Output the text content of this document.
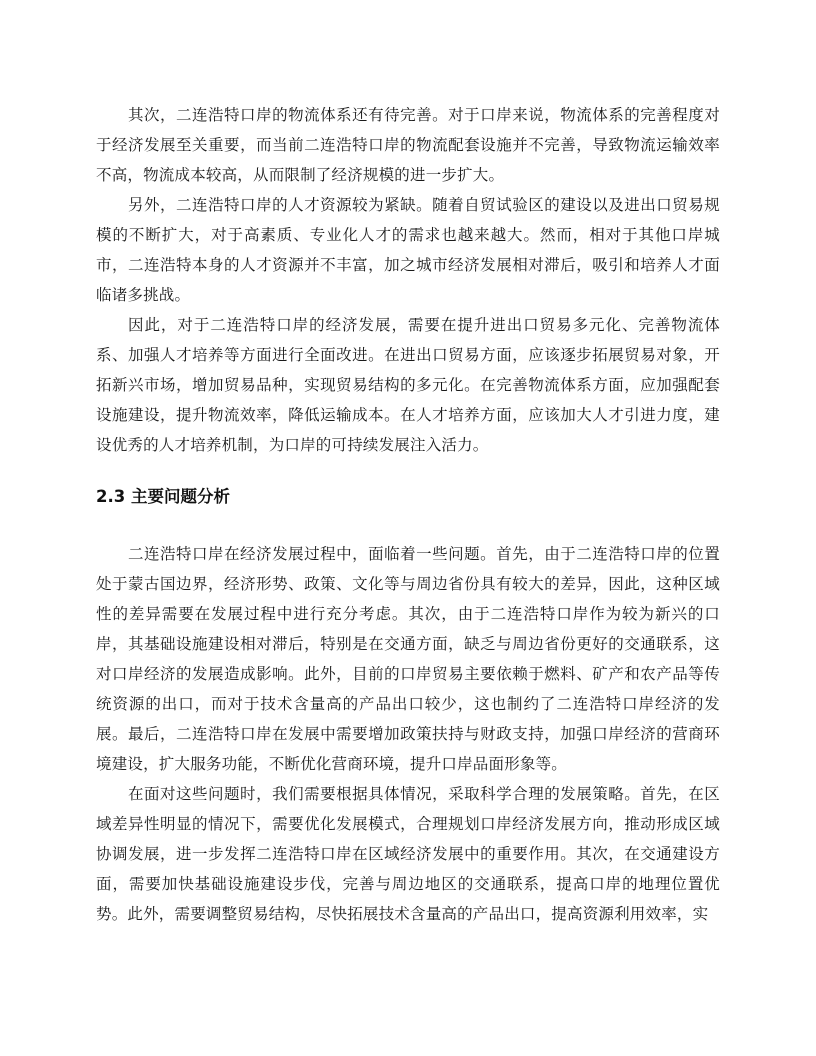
其次，二连浩特口岸的物流体系还有待完善。对于口岸来说，物流体系的完善程度对于经济发展至关重要，而当前二连浩特口岸的物流配套设施并不完善，导致物流运输效率不高，物流成本较高，从而限制了经济规模的进一步扩大。

另外，二连浩特口岸的人才资源较为紧缺。随着自贸试验区的建设以及进出口贸易规模的不断扩大，对于高素质、专业化人才的需求也越来越大。然而，相对于其他口岸城市，二连浩特本身的人才资源并不丰富，加之城市经济发展相对滞后，吸引和培养人才面临诸多挑战。

因此，对于二连浩特口岸的经济发展，需要在提升进出口贸易多元化、完善物流体系、加强人才培养等方面进行全面改进。在进出口贸易方面，应该逐步拓展贸易对象，开拓新兴市场，增加贸易品种，实现贸易结构的多元化。在完善物流体系方面，应加强配套设施建设，提升物流效率，降低运输成本。在人才培养方面，应该加大人才引进力度，建设优秀的人才培养机制，为口岸的可持续发展注入活力。

2.3 主要问题分析

二连浩特口岸在经济发展过程中，面临着一些问题。首先，由于二连浩特口岸的位置处于蒙古国边界，经济形势、政策、文化等与周边省份具有较大的差异，因此，这种区域性的差异需要在发展过程中进行充分考虑。其次，由于二连浩特口岸作为较为新兴的口岸，其基础设施建设相对滞后，特别是在交通方面，缺乏与周边省份更好的交通联系，这对口岸经济的发展造成影响。此外，目前的口岸贸易主要依赖于燃料、矿产和农产品等传统资源的出口，而对于技术含量高的产品出口较少，这也制约了二连浩特口岸经济的发展。最后，二连浩特口岸在发展中需要增加政策扶持与财政支持，加强口岸经济的营商环境建设，扩大服务功能，不断优化营商环境，提升口岸品面形象等。

在面对这些问题时，我们需要根据具体情况，采取科学合理的发展策略。首先，在区域差异性明显的情况下，需要优化发展模式，合理规划口岸经济发展方向，推动形成区域协调发展，进一步发挥二连浩特口岸在区域经济发展中的重要作用。其次，在交通建设方面，需要加快基础设施建设步伐，完善与周边地区的交通联系，提高口岸的地理位置优势。此外，需要调整贸易结构，尽快拓展技术含量高的产品出口，提高资源利用效率，实
